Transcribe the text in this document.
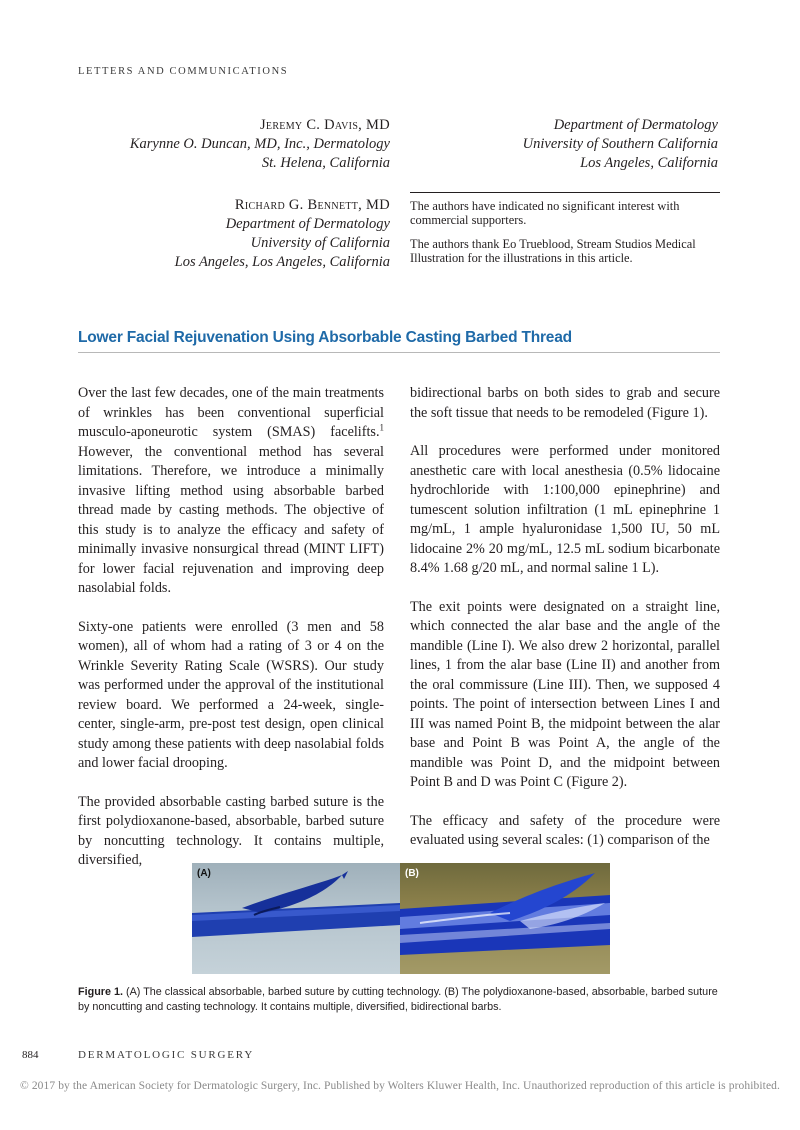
LETTERS AND COMMUNICATIONS
Jeremy C. Davis, MD
Karynne O. Duncan, MD, Inc., Dermatology
St. Helena, California
Department of Dermatology
University of Southern California
Los Angeles, California
Richard G. Bennett, MD
Department of Dermatology
University of California
Los Angeles, Los Angeles, California

The authors have indicated no significant interest with commercial supporters.

The authors thank Eo Trueblood, Stream Studios Medical Illustration for the illustrations in this article.

Lower Facial Rejuvenation Using Absorbable Casting Barbed Thread

Over the last few decades, one of the main treatments of wrinkles has been conventional superficial musculo-aponeurotic system (SMAS) facelifts.$^1$ However, the conventional method has several limitations. Therefore, we introduce a minimally invasive lifting method using absorbable barbed thread made by casting methods. The objective of this study is to analyze the efficacy and safety of minimally invasive nonsurgical thread (MINT LIFT) for lower facial rejuvenation and improving deep nasolabial folds.

Sixty-one patients were enrolled (3 men and 58 women), all of whom had a rating of 3 or 4 on the Wrinkle Severity Rating Scale (WSRS). Our study was performed under the approval of the institutional review board. We performed a 24-week, single-center, single-arm, pre-post test design, open clinical study among these patients with deep nasolabial folds and lower facial drooping.

The provided absorbable casting barbed suture is the first polydioxanone-based, absorbable, barbed suture by noncutting technology. It contains multiple, diversified,

bidirectional barbs on both sides to grab and secure the soft tissue that needs to be remodeled (Figure 1).

All procedures were performed under monitored anesthetic care with local anesthesia (0.5% lidocaine hydrochloride with 1:100,000 epinephrine) and tumescent solution infiltration (1 mL epinephrine 1 mg/mL, 1 ample hyaluronidase 1,500 IU, 50 mL lidocaine 2% 20 mg/mL, 12.5 mL sodium bicarbonate 8.4% 1.68 g/20 mL, and normal saline 1 L).

The exit points were designated on a straight line, which connected the alar base and the angle of the mandible (Line I). We also drew 2 horizontal, parallel lines, 1 from the alar base (Line II) and another from the oral commissure (Line III). Then, we supposed 4 points. The point of intersection between Lines I and III was named Point B, the midpoint between the alar base and Point B was Point A, the angle of the mandible was Point D, and the midpoint between Point B and D was Point C (Figure 2).

The efficacy and safety of the procedure were evaluated using several scales: (1) comparison of the

(A)	(B)
Figure 1. (A) The classical absorbable, barbed suture by cutting technology. (B) The polydioxanone-based, absorbable, barbed suture by noncutting and casting technology. It contains multiple, diversified, bidirectional barbs.
884	DERMATOLOGIC SURGERY
© 2017 by the American Society for Dermatologic Surgery, Inc. Published by Wolters Kluwer Health, Inc. Unauthorized reproduction of this article is prohibited.
